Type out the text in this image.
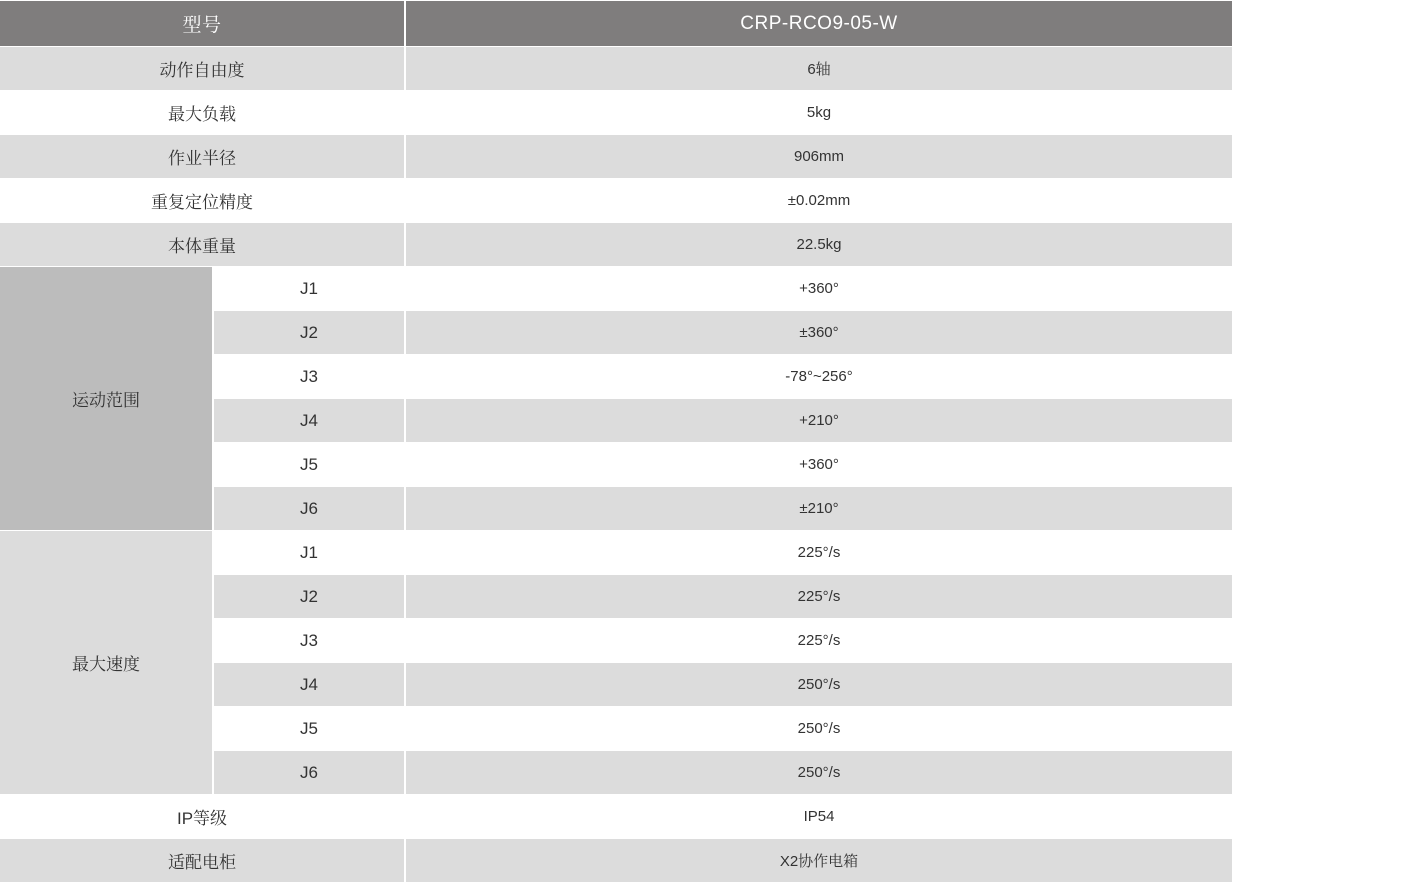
型号		CRP-RCO9-05-W
动作自由度		6轴
最大负载		5kg
作业半径		906mm
重复定位精度		±0.02mm
本体重量		22.5kg
运动范围	J1	+360°
	J2	±360°
	J3	-78°~256°
	J4	+210°
	J5	+360°
	J6	±210°
最大速度	J1	225°/s
	J2	225°/s
	J3	225°/s
	J4	250°/s
	J5	250°/s
	J6	250°/s
IP等级		IP54
适配电柜		X2协作电箱
